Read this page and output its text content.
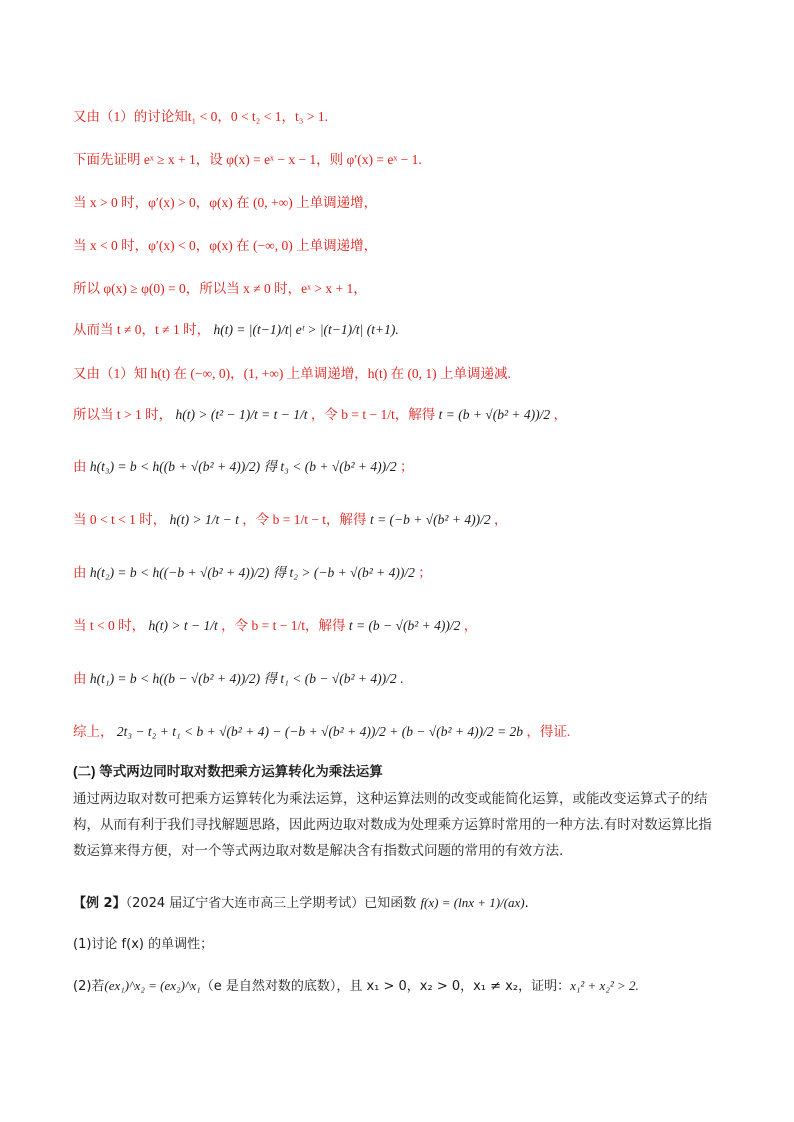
又由（1）的讨论知t₁ < 0，0 < t₂ < 1，t₃ > 1.
下面先证明 eˣ ≥ x + 1，设 φ(x) = eˣ − x − 1，则 φ′(x) = eˣ − 1.
当 x > 0 时，φ′(x) > 0，φ(x) 在 (0, +∞) 上单调递增，
当 x < 0 时，φ′(x) < 0，φ(x) 在 (−∞, 0) 上单调递增，
所以 φ(x) ≥ φ(0) = 0，所以当 x ≠ 0 时，eˣ > x + 1，
从而当 t ≠ 0，t ≠ 1 时， h(t) = |(t−1)/t| eᵗ > |(t−1)/t| (t+1).
又由（1）知 h(t) 在 (−∞, 0)，(1, +∞) 上单调递增，h(t) 在 (0, 1) 上单调递减.
所以当 t > 1 时， h(t) > (t² − 1)/t = t − 1/t ，令 b = t − 1/t，解得 t = (b + √(b² + 4))/2 ，
由 h(t₃) = b < h((b + √(b² + 4))/2) 得 t₃ < (b + √(b² + 4))/2 ；
当 0 < t < 1 时， h(t) > 1/t − t ，令 b = 1/t − t，解得 t = (−b + √(b² + 4))/2 ，
由 h(t₂) = b < h((−b + √(b² + 4))/2) 得 t₂ > (−b + √(b² + 4))/2 ；
当 t < 0 时， h(t) > t − 1/t ，令 b = t − 1/t，解得 t = (b − √(b² + 4))/2 ，
由 h(t₁) = b < h((b − √(b² + 4))/2) 得 t₁ < (b − √(b² + 4))/2 .
综上， 2t₃ − t₂ + t₁ < b + √(b² + 4) − (−b + √(b² + 4))/2 + (b − √(b² + 4))/2 = 2b ，得证.
(二) 等式两边同时取对数把乘方运算转化为乘法运算
通过两边取对数可把乘方运算转化为乘法运算，这种运算法则的改变或能简化运算，或能改变运算式子的结构，从而有利于我们寻找解题思路，因此两边取对数成为处理乘方运算时常用的一种方法.有时对数运算比指数运算来得方便，对一个等式两边取对数是解决含有指数式问题的常用的有效方法.
【例 2】（2024 届辽宁省大连市高三上学期考试）已知函数 f(x) = (lnx + 1)/(ax).
(1)讨论 f(x) 的单调性；
(2)若(ex₁)^x₂ = (ex₂)^x₁（e 是自然对数的底数），且 x₁ > 0，x₂ > 0，x₁ ≠ x₂，证明：x₁² + x₂² > 2.
